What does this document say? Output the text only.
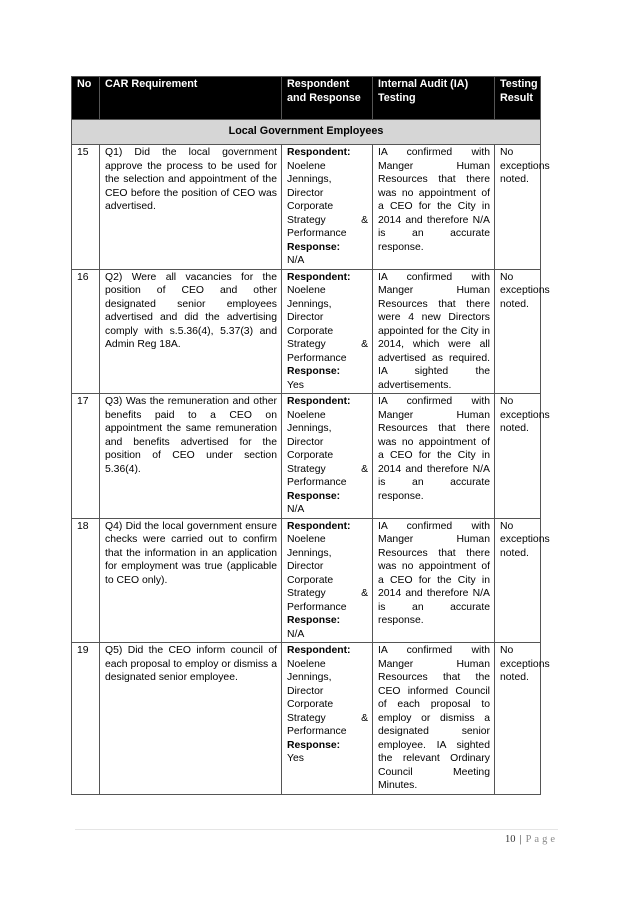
No	CAR Requirement	Respondent and Response	Internal Audit (IA) Testing	Testing Result
Local Government Employees				
15	Q1) Did the local government approve the process to be used for the selection and appointment of the CEO before the position of CEO was advertised.	Respondent:
Noelene Jennings, Director Corporate Strategy & Performance
Response:
N/A	IA confirmed with Manger Human Resources that there was no appointment of a CEO for the City in 2014 and therefore N/A is an accurate response.	No exceptions noted.
16	Q2) Were all vacancies for the position of CEO and other designated senior employees advertised and did the advertising comply with s.5.36(4), 5.37(3) and Admin Reg 18A.	Respondent:
Noelene Jennings, Director Corporate Strategy & Performance
Response:
Yes	IA confirmed with Manger Human Resources that there were 4 new Directors appointed for the City in 2014, which were all advertised as required. IA sighted the advertisements.	No exceptions noted.
17	Q3) Was the remuneration and other benefits paid to a CEO on appointment the same remuneration and benefits advertised for the position of CEO under section 5.36(4).	Respondent:
Noelene Jennings, Director Corporate Strategy & Performance
Response:
N/A	IA confirmed with Manger Human Resources that there was no appointment of a CEO for the City in 2014 and therefore N/A is an accurate response.	No exceptions noted.
18	Q4) Did the local government ensure checks were carried out to confirm that the information in an application for employment was true (applicable to CEO only).	Respondent:
Noelene Jennings, Director Corporate Strategy & Performance
Response:
N/A	IA confirmed with Manger Human Resources that there was no appointment of a CEO for the City in 2014 and therefore N/A is an accurate response.	No exceptions noted.
19	Q5) Did the CEO inform council of each proposal to employ or dismiss a designated senior employee.	Respondent:
Noelene Jennings, Director Corporate Strategy & Performance
Response:
Yes	IA confirmed with Manger Human Resources that the CEO informed Council of each proposal to employ or dismiss a designated senior employee. IA sighted the relevant Ordinary Council Meeting Minutes.	No exceptions noted.
10 | Page
